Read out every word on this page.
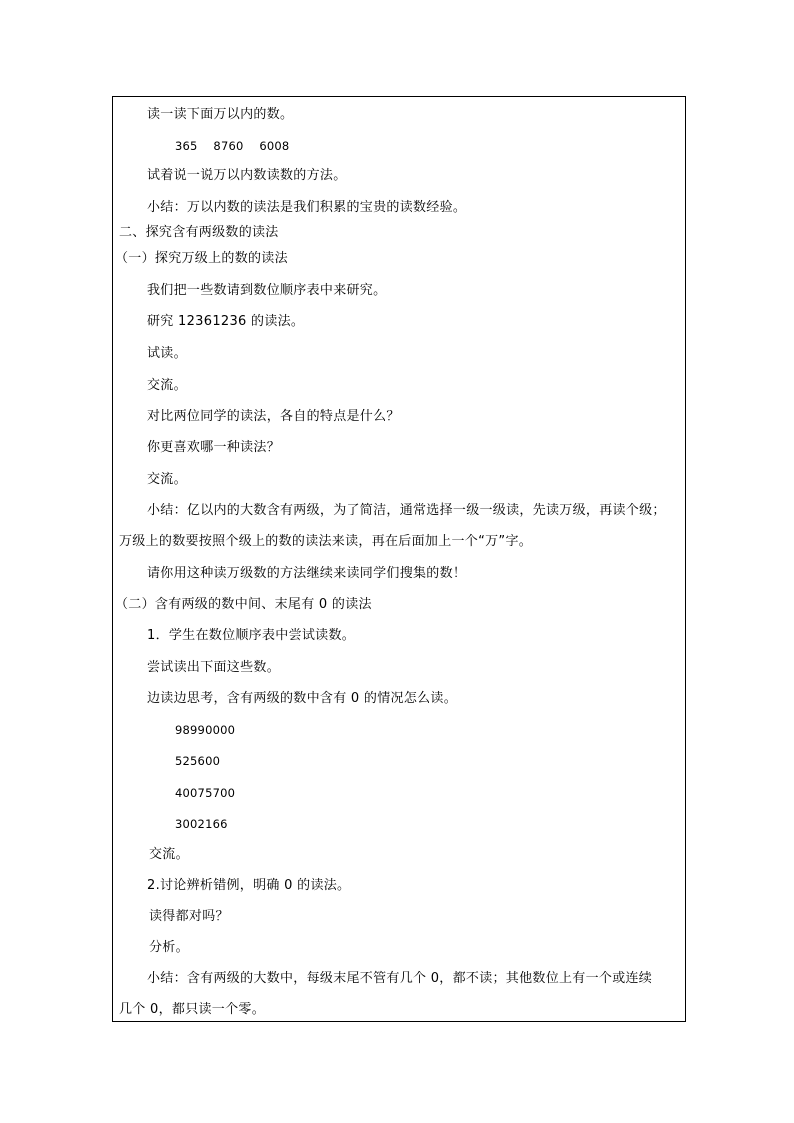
读一读下面万以内的数。
365 8760 6008
试着说一说万以内数读数的方法。
小结：万以内数的读法是我们积累的宝贵的读数经验。
二、探究含有两级数的读法
（一）探究万级上的数的读法
我们把一些数请到数位顺序表中来研究。
研究 12361236 的读法。
试读。
交流。
对比两位同学的读法，各自的特点是什么？
你更喜欢哪一种读法？
交流。
小结：亿以内的大数含有两级，为了简洁，通常选择一级一级读，先读万级，再读个级；
万级上的数要按照个级上的数的读法来读，再在后面加上一个“万”字。
请你用这种读万级数的方法继续来读同学们搜集的数！
（二）含有两级的数中间、末尾有 0 的读法
1．学生在数位顺序表中尝试读数。
尝试读出下面这些数。
边读边思考，含有两级的数中含有 0 的情况怎么读。
98990000
525600
40075700
3002166
交流。
2.讨论辨析错例，明确 0 的读法。
读得都对吗？
分析。
小结：含有两级的大数中，每级末尾不管有几个 0，都不读；其他数位上有一个或连续
几个 0，都只读一个零。
